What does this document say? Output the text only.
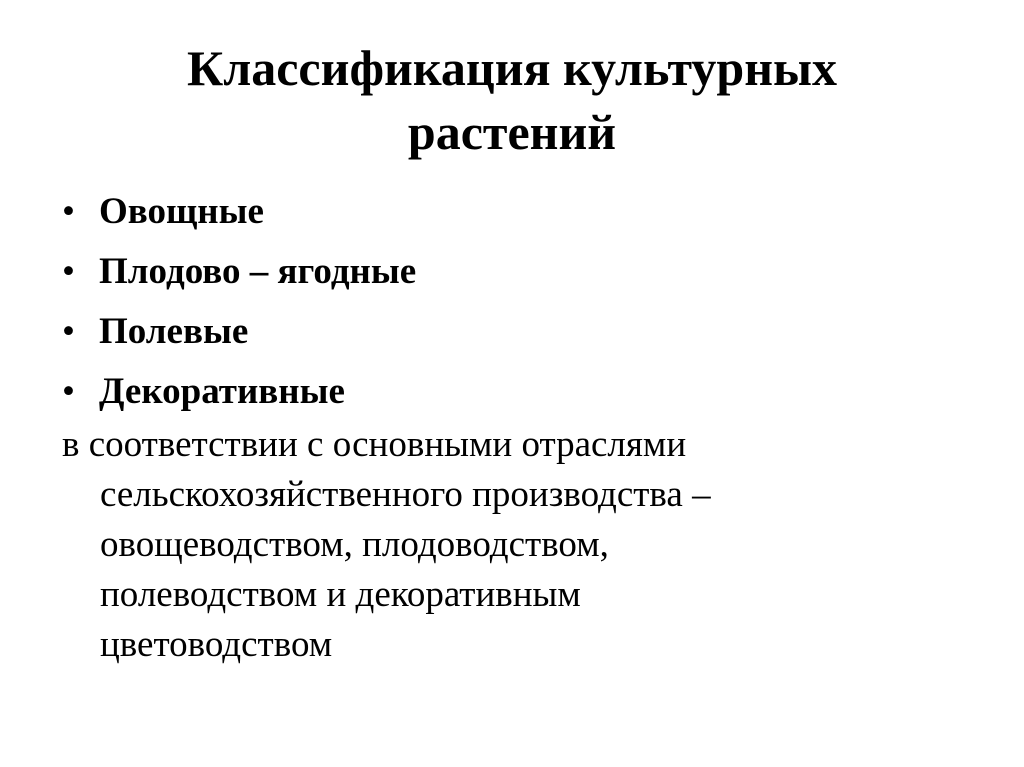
Классификация культурных
растений
• Овощные
• Плодово – ягодные
• Полевые
• Декоративные
в соответствии с основными отраслями
сельскохозяйственного производства –
овощеводством, плодоводством,
полеводством и декоративным
цветоводством
